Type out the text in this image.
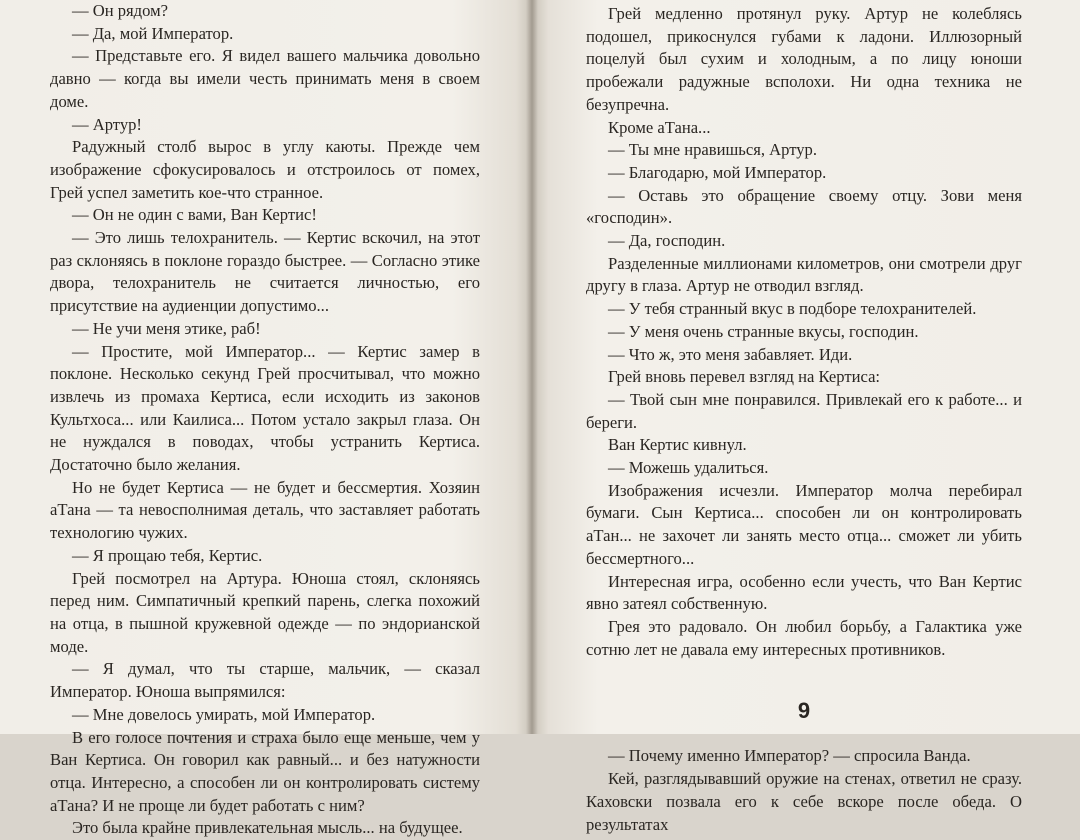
— Он рядом?

— Да, мой Император.

— Представьте его. Я видел вашего мальчика довольно давно — когда вы имели честь принимать меня в своем доме.

— Артур!

Радужный столб вырос в углу каюты. Прежде чем изображение сфокусировалось и отстроилось от помех, Грей успел заметить кое-что странное.

— Он не один с вами, Ван Кертис!

— Это лишь телохранитель. — Кертис вскочил, на этот раз склоняясь в поклоне гораздо быстрее. — Согласно этике двора, телохранитель не считается личностью, его присутствие на аудиенции допустимо...

— Не учи меня этике, раб!

— Простите, мой Император... — Кертис замер в поклоне. Несколько секунд Грей просчитывал, что можно извлечь из промаха Кертиса, если исходить из законов Культхоса... или Каилиса... Потом устало закрыл глаза. Он не нуждался в поводах, чтобы устранить Кертиса. Достаточно было желания.

Но не будет Кертиса — не будет и бессмертия. Хозяин аТана — та невосполнимая деталь, что заставляет работать технологию чужих.

— Я прощаю тебя, Кертис.

Грей посмотрел на Артура. Юноша стоял, склоняясь перед ним. Симпатичный крепкий парень, слегка похожий на отца, в пышной кружевной одежде — по эндорианской моде.

— Я думал, что ты старше, мальчик, — сказал Император. Юноша выпрямился:

— Мне довелось умирать, мой Император.

В его голосе почтения и страха было еще меньше, чем у Ван Кертиса. Он говорил как равный... и без натужности отца. Интересно, а способен ли он контролировать систему аТана? И не проще ли будет работать с ним?

Это была крайне привлекательная мысль... на будущее.

Грей медленно протянул руку. Артур не колеблясь подошел, прикоснулся губами к ладони. Иллюзорный поцелуй был сухим и холодным, а по лицу юноши пробежали радужные всполохи. Ни одна техника не безупречна.

Кроме аТана...

— Ты мне нравишься, Артур.

— Благодарю, мой Император.

— Оставь это обращение своему отцу. Зови меня «господин».

— Да, господин.

Разделенные миллионами километров, они смотрели друг другу в глаза. Артур не отводил взгляд.

— У тебя странный вкус в подборе телохранителей.

— У меня очень странные вкусы, господин.

— Что ж, это меня забавляет. Иди.

Грей вновь перевел взгляд на Кертиса:

— Твой сын мне понравился. Привлекай его к работе... и береги.

Ван Кертис кивнул.

— Можешь удалиться.

Изображения исчезли. Император молча перебирал бумаги. Сын Кертиса... способен ли он контролировать аТан... не захочет ли занять место отца... сможет ли убить бессмертного...

Интересная игра, особенно если учесть, что Ван Кертис явно затеял собственную.

Грея это радовало. Он любил борьбу, а Галактика уже сотню лет не давала ему интересных противников.

9

— Почему именно Император? — спросила Ванда.

Кей, разглядывавший оружие на стенах, ответил не сразу. Каховски позвала его к себе вскоре после обеда. О результатах
